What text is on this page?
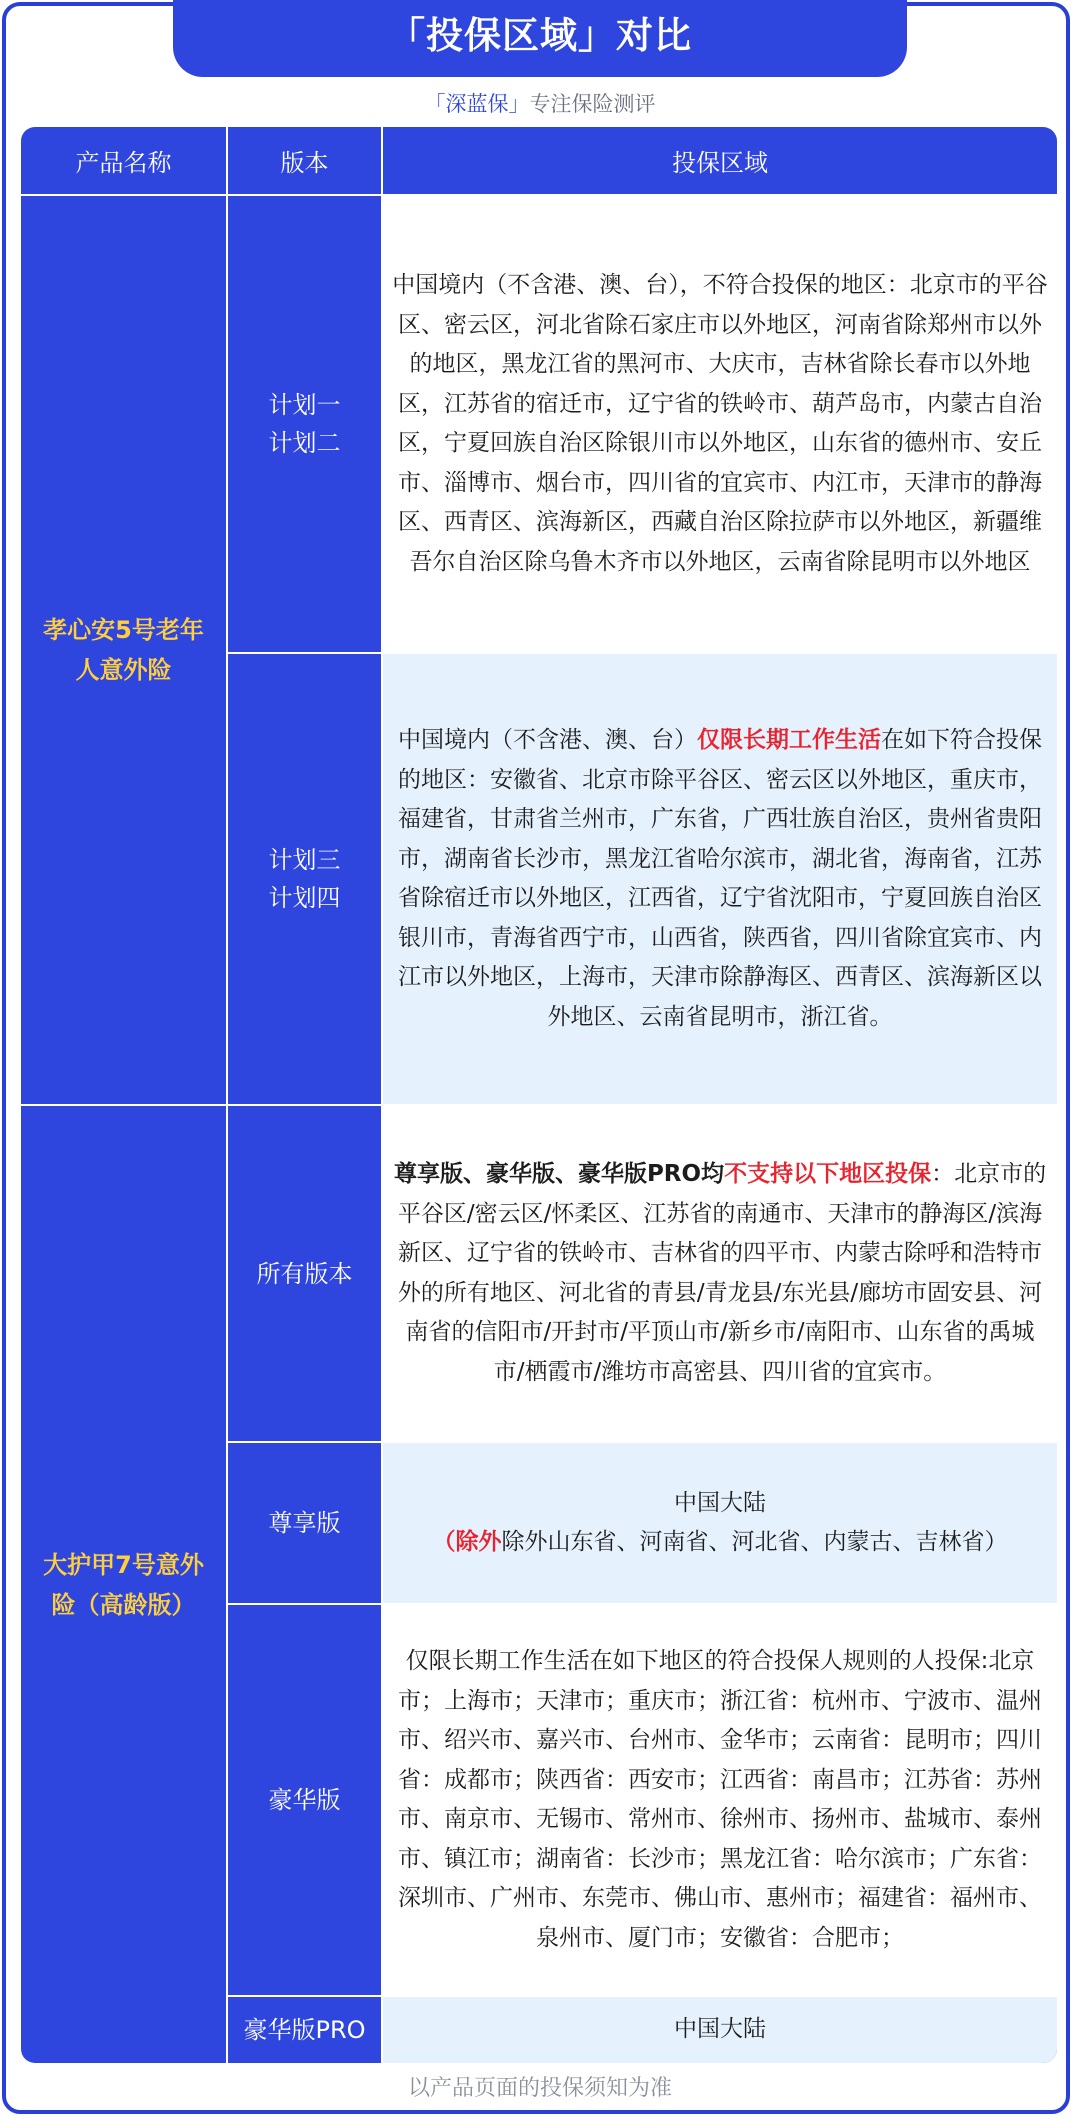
「投保区域」对比
「深蓝保」专注保险测评
产品名称	版本	投保区域
孝心安5号老年人意外险
大护甲7号意外险（高龄版）
计划一
计划二
计划三
计划四
所有版本
尊享版
豪华版
豪华版PRO

中国境内（不含港、澳、台），不符合投保的地区：北京市的平谷区、密云区，河北省除石家庄市以外地区，河南省除郑州市以外的地区，黑龙江省的黑河市、大庆市，吉林省除长春市以外地区，江苏省的宿迁市，辽宁省的铁岭市、葫芦岛市，内蒙古自治区，宁夏回族自治区除银川市以外地区，山东省的德州市、安丘市、淄博市、烟台市，四川省的宜宾市、内江市，天津市的静海区、西青区、滨海新区，西藏自治区除拉萨市以外地区，新疆维吾尔自治区除乌鲁木齐市以外地区，云南省除昆明市以外地区

中国境内（不含港、澳、台）仅限长期工作生活在如下符合投保的地区：安徽省、北京市除平谷区、密云区以外地区，重庆市，福建省，甘肃省兰州市，广东省，广西壮族自治区，贵州省贵阳市，湖南省长沙市，黑龙江省哈尔滨市，湖北省，海南省，江苏省除宿迁市以外地区，江西省，辽宁省沈阳市，宁夏回族自治区银川市，青海省西宁市，山西省，陕西省，四川省除宜宾市、内江市以外地区，上海市，天津市除静海区、西青区、滨海新区以外地区、云南省昆明市，浙江省。

尊享版、豪华版、豪华版PRO均不支持以下地区投保：北京市的平谷区/密云区/怀柔区、江苏省的南通市、天津市的静海区/滨海新区、辽宁省的铁岭市、吉林省的四平市、内蒙古除呼和浩特市外的所有地区、河北省的青县/青龙县/东光县/廊坊市固安县、河南省的信阳市/开封市/平顶山市/新乡市/南阳市、山东省的禹城市/栖霞市/潍坊市高密县、四川省的宜宾市。

中国大陆
（除外除外山东省、河南省、河北省、内蒙古、吉林省）

仅限长期工作生活在如下地区的符合投保人规则的人投保:北京市；上海市；天津市；重庆市；浙江省：杭州市、宁波市、温州市、绍兴市、嘉兴市、台州市、金华市；云南省：昆明市；四川省：成都市；陕西省：西安市；江西省：南昌市；江苏省：苏州市、南京市、无锡市、常州市、徐州市、扬州市、盐城市、泰州市、镇江市；湖南省：长沙市；黑龙江省：哈尔滨市；广东省：深圳市、广州市、东莞市、佛山市、惠州市；福建省：福州市、泉州市、厦门市；安徽省：合肥市；

中国大陆

以产品页面的投保须知为准
